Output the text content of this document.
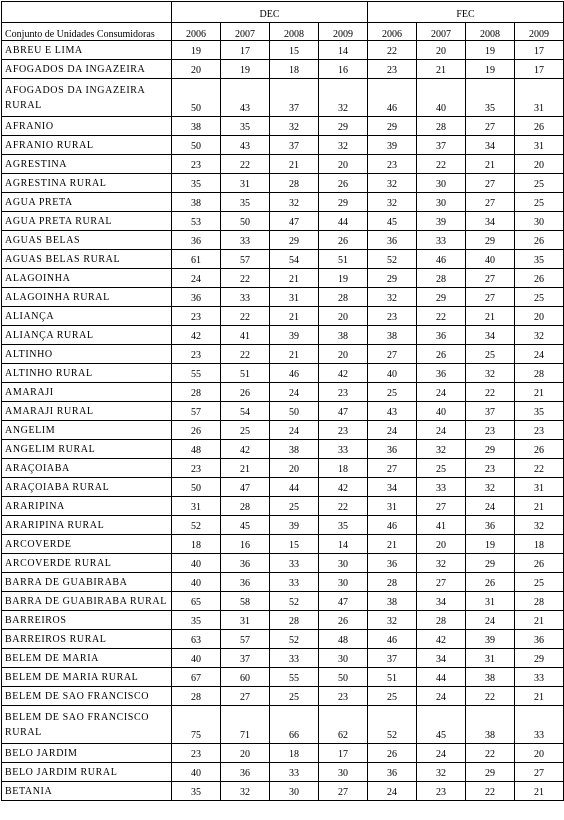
	DEC				FEC			
Conjunto de Unidades Consumidoras	2006	2007	2008	2009	2006	2007	2008	2009
ABREU E LIMA	19	17	15	14	22	20	19	17
AFOGADOS DA INGAZEIRA	20	19	18	16	23	21	19	17
AFOGADOS DA INGAZEIRA RURAL	50	43	37	32	46	40	35	31
AFRANIO	38	35	32	29	29	28	27	26
AFRANIO RURAL	50	43	37	32	39	37	34	31
AGRESTINA	23	22	21	20	23	22	21	20
AGRESTINA RURAL	35	31	28	26	32	30	27	25
AGUA PRETA	38	35	32	29	32	30	27	25
AGUA PRETA RURAL	53	50	47	44	45	39	34	30
AGUAS BELAS	36	33	29	26	36	33	29	26
AGUAS BELAS RURAL	61	57	54	51	52	46	40	35
ALAGOINHA	24	22	21	19	29	28	27	26
ALAGOINHA RURAL	36	33	31	28	32	29	27	25
ALIANÇA	23	22	21	20	23	22	21	20
ALIANÇA RURAL	42	41	39	38	38	36	34	32
ALTINHO	23	22	21	20	27	26	25	24
ALTINHO RURAL	55	51	46	42	40	36	32	28
AMARAJI	28	26	24	23	25	24	22	21
AMARAJI RURAL	57	54	50	47	43	40	37	35
ANGELIM	26	25	24	23	24	24	23	23
ANGELIM RURAL	48	42	38	33	36	32	29	26
ARAÇOIABA	23	21	20	18	27	25	23	22
ARAÇOIABA RURAL	50	47	44	42	34	33	32	31
ARARIPINA	31	28	25	22	31	27	24	21
ARARIPINA RURAL	52	45	39	35	46	41	36	32
ARCOVERDE	18	16	15	14	21	20	19	18
ARCOVERDE RURAL	40	36	33	30	36	32	29	26
BARRA DE GUABIRABA	40	36	33	30	28	27	26	25
BARRA DE GUABIRABA RURAL	65	58	52	47	38	34	31	28
BARREIROS	35	31	28	26	32	28	24	21
BARREIROS RURAL	63	57	52	48	46	42	39	36
BELEM DE MARIA	40	37	33	30	37	34	31	29
BELEM DE MARIA RURAL	67	60	55	50	51	44	38	33
BELEM DE SAO FRANCISCO	28	27	25	23	25	24	22	21
BELEM DE SAO FRANCISCO RURAL	75	71	66	62	52	45	38	33
BELO JARDIM	23	20	18	17	26	24	22	20
BELO JARDIM RURAL	40	36	33	30	36	32	29	27
BETANIA	35	32	30	27	24	23	22	21
